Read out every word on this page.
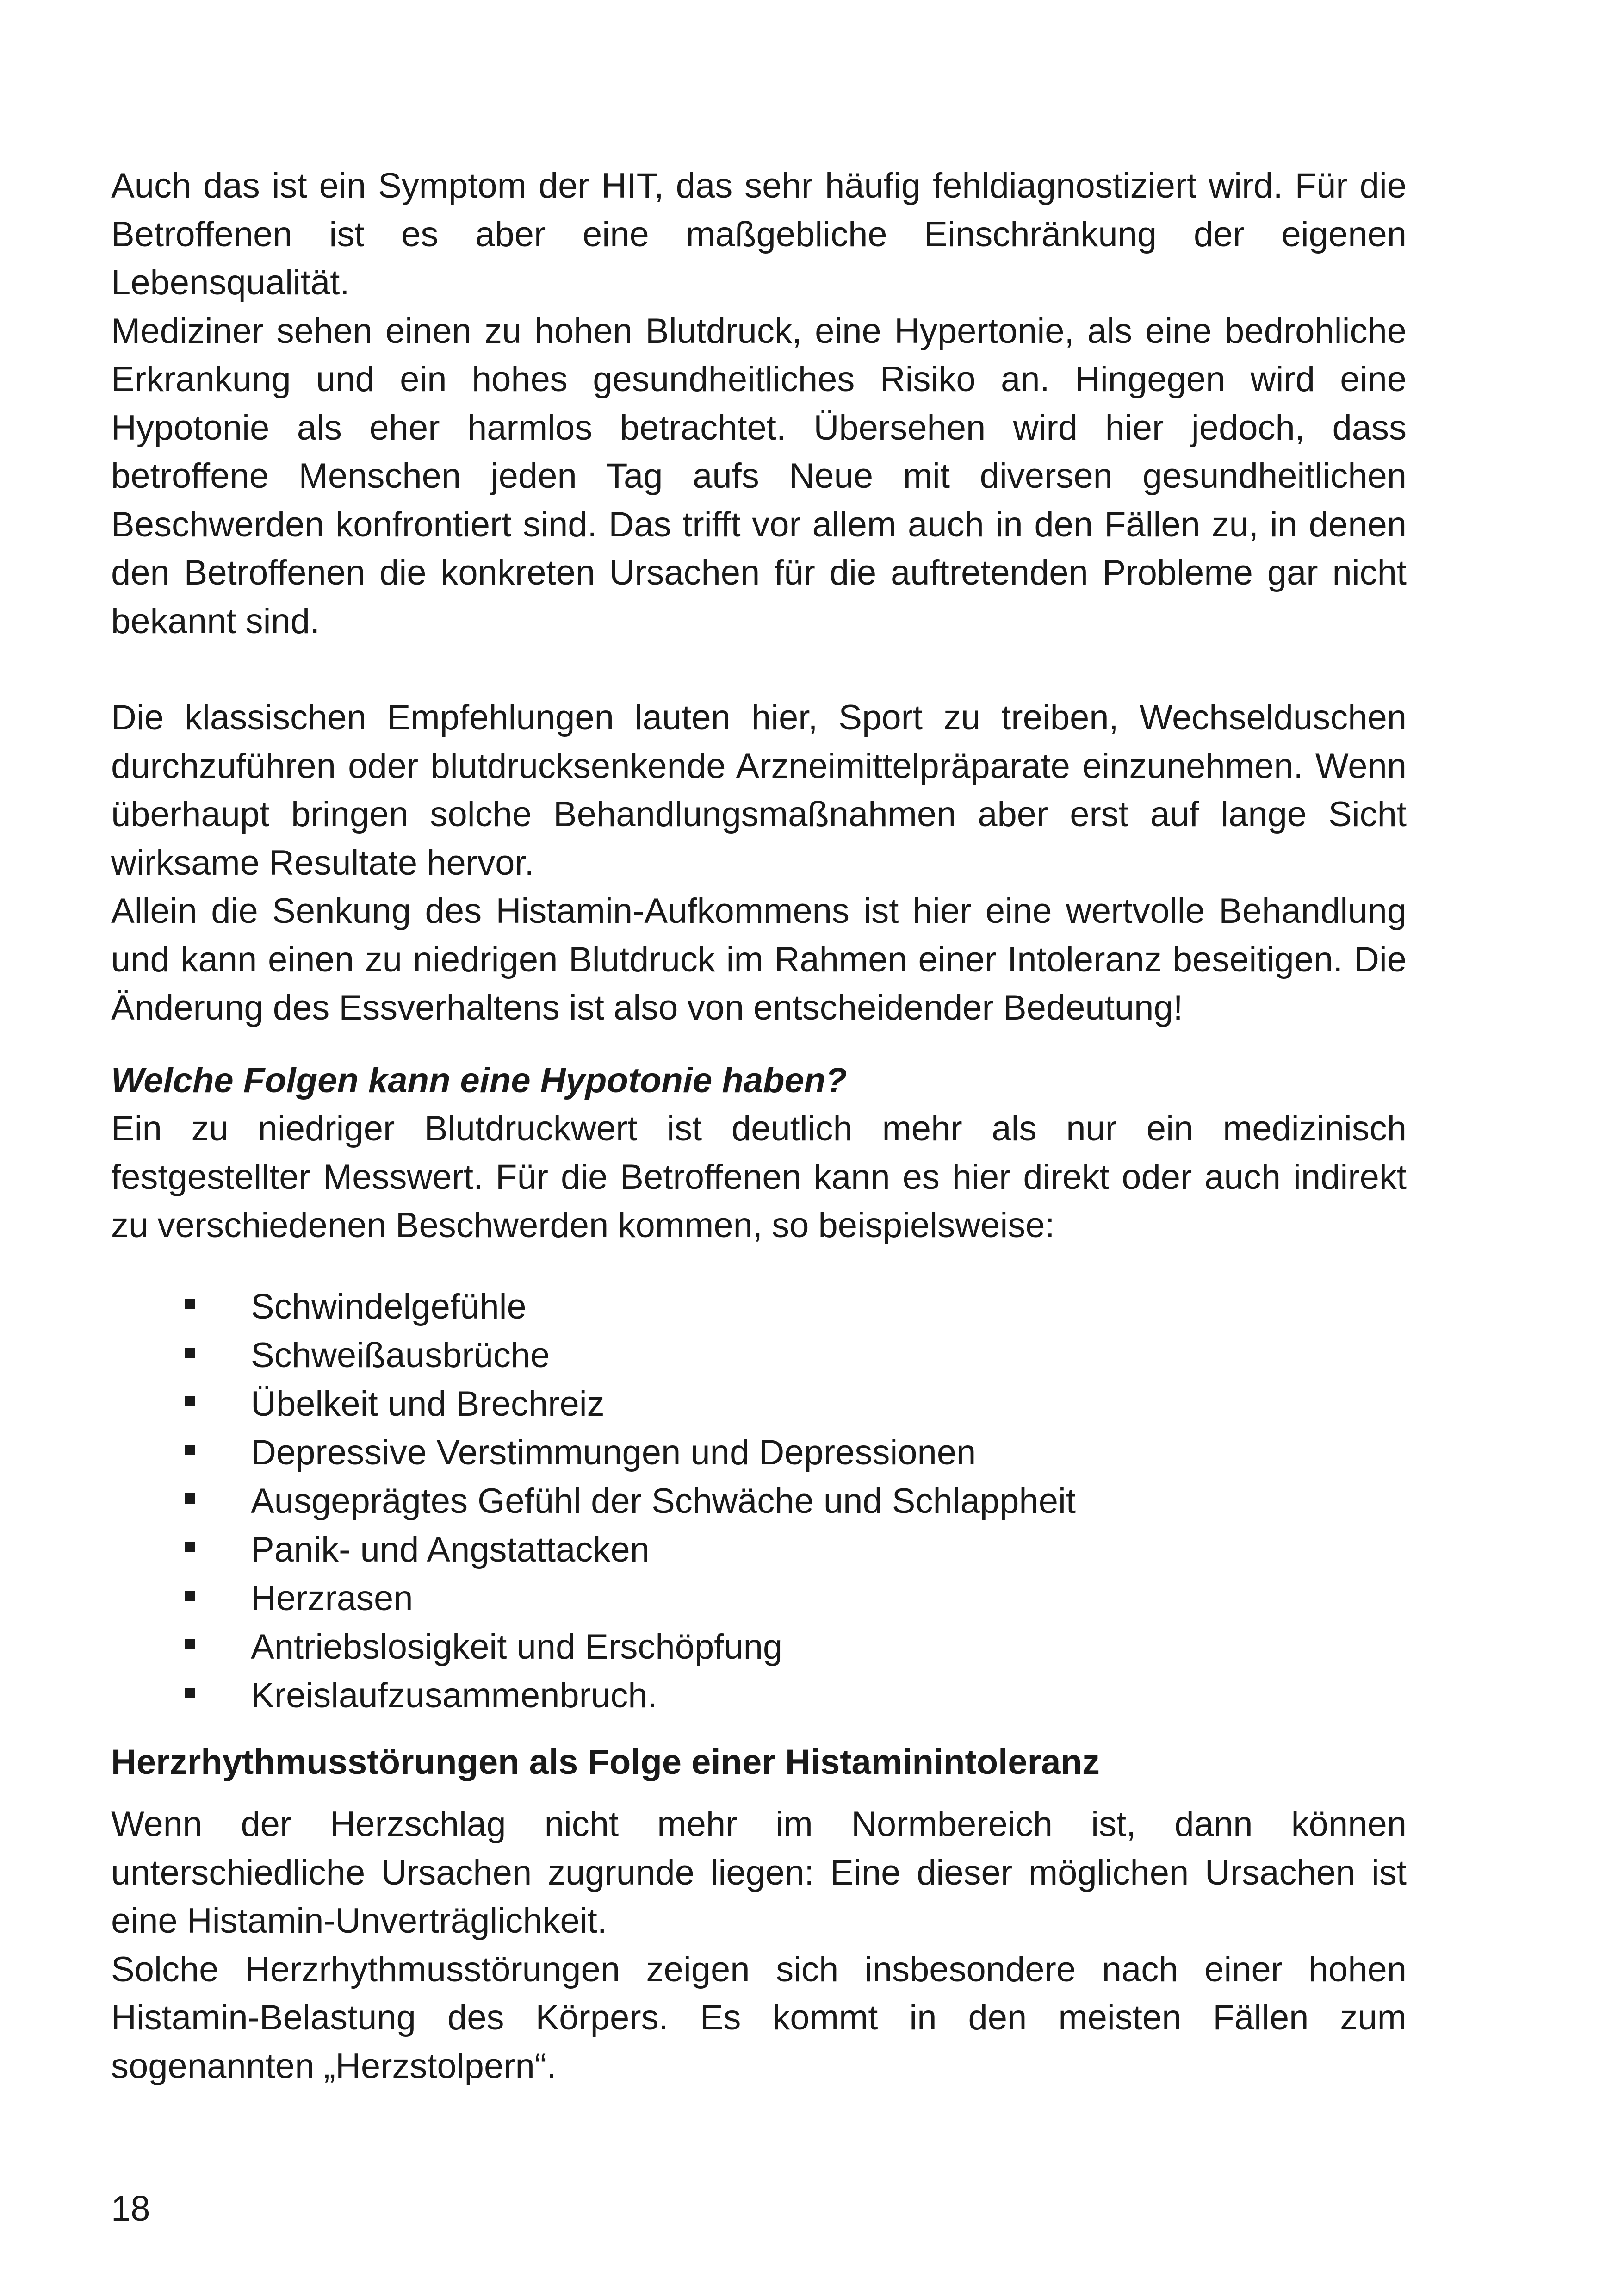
Auch das ist ein Symptom der HIT, das sehr häufig fehldiagnostiziert wird. Für die Betroffenen ist es aber eine maßgebliche Einschränkung der eigenen Lebensqualität.

Mediziner sehen einen zu hohen Blutdruck, eine Hypertonie, als eine bedrohliche Erkrankung und ein hohes gesundheitliches Risiko an. Hingegen wird eine Hypotonie als eher harmlos betrachtet. Übersehen wird hier jedoch, dass betroffene Menschen jeden Tag aufs Neue mit diversen gesundheitlichen Beschwerden konfrontiert sind. Das trifft vor allem auch in den Fällen zu, in denen den Betroffenen die konkreten Ursachen für die auftretenden Probleme gar nicht bekannt sind.

Die klassischen Empfehlungen lauten hier, Sport zu treiben, Wechselduschen durchzuführen oder blutdrucksenkende Arzneimittelpräparate einzunehmen. Wenn überhaupt bringen solche Behandlungsmaßnahmen aber erst auf lange Sicht wirksame Resultate hervor.

Allein die Senkung des Histamin-Aufkommens ist hier eine wertvolle Behandlung und kann einen zu niedrigen Blutdruck im Rahmen einer Intoleranz beseitigen. Die Änderung des Essverhaltens ist also von entscheidender Bedeutung!

Welche Folgen kann eine Hypotonie haben?

Ein zu niedriger Blutdruckwert ist deutlich mehr als nur ein medizinisch festgestellter Messwert. Für die Betroffenen kann es hier direkt oder auch indirekt zu verschiedenen Beschwerden kommen, so beispielsweise:

Schwindelgefühle
Schweißausbrüche
Übelkeit und Brechreiz
Depressive Verstimmungen und Depressionen
Ausgeprägtes Gefühl der Schwäche und Schlappheit
Panik- und Angstattacken
Herzrasen
Antriebslosigkeit und Erschöpfung
Kreislaufzusammenbruch.

Herzrhythmusstörungen als Folge einer Histaminintoleranz

Wenn der Herzschlag nicht mehr im Normbereich ist, dann können unterschiedliche Ursachen zugrunde liegen: Eine dieser möglichen Ursachen ist eine Histamin-Unverträglichkeit.

Solche Herzrhythmusstörungen zeigen sich insbesondere nach einer hohen Histamin-Belastung des Körpers. Es kommt in den meisten Fällen zum sogenannten „Herzstolpern“.

18
